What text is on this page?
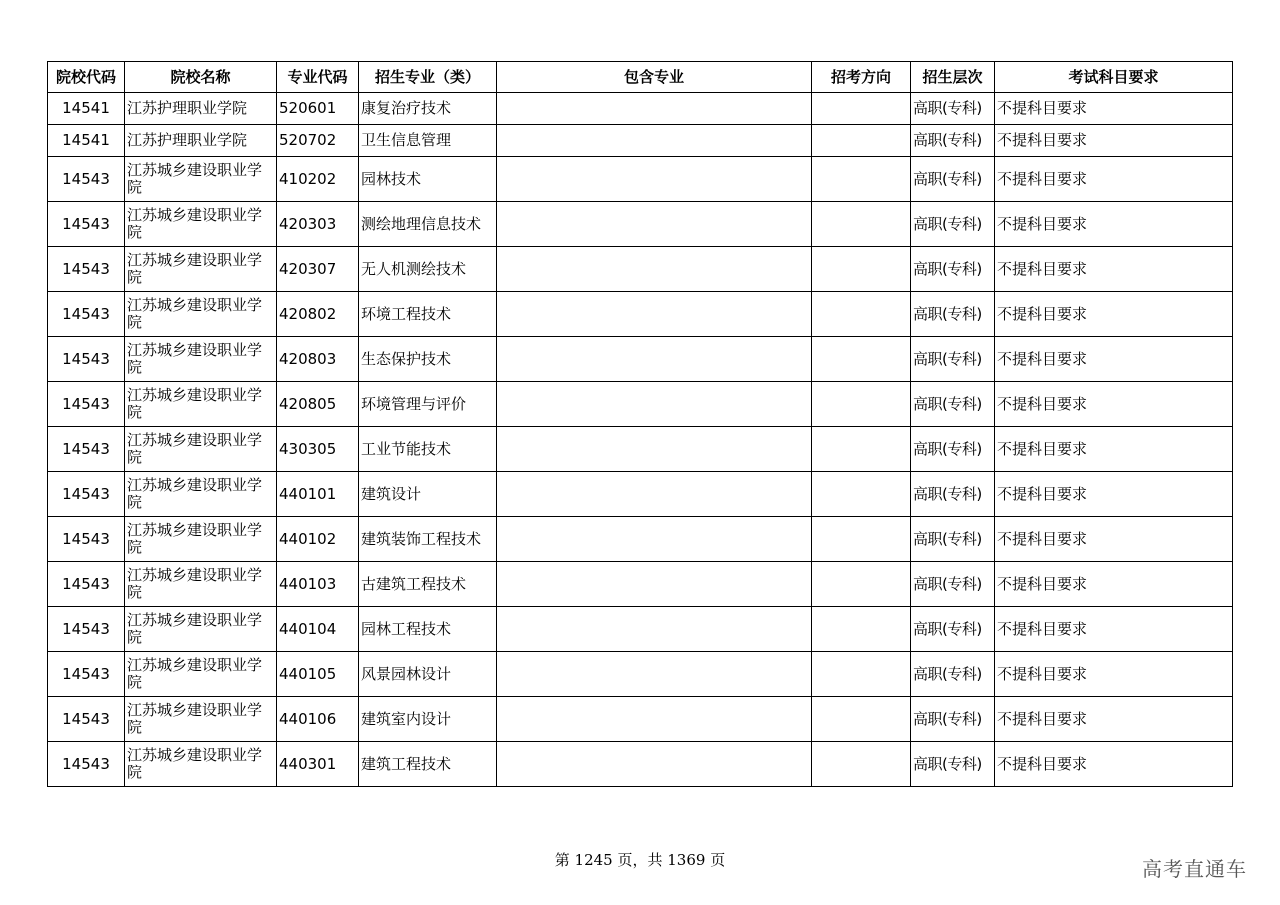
院校代码	院校名称	专业代码	招生专业（类）	包含专业	招考方向	招生层次	考试科目要求
14541	江苏护理职业学院	520601	康复治疗技术			高职(专科)	不提科目要求
14541	江苏护理职业学院	520702	卫生信息管理			高职(专科)	不提科目要求
14543	江苏城乡建设职业学院	410202	园林技术			高职(专科)	不提科目要求
14543	江苏城乡建设职业学院	420303	测绘地理信息技术			高职(专科)	不提科目要求
14543	江苏城乡建设职业学院	420307	无人机测绘技术			高职(专科)	不提科目要求
14543	江苏城乡建设职业学院	420802	环境工程技术			高职(专科)	不提科目要求
14543	江苏城乡建设职业学院	420803	生态保护技术			高职(专科)	不提科目要求
14543	江苏城乡建设职业学院	420805	环境管理与评价			高职(专科)	不提科目要求
14543	江苏城乡建设职业学院	430305	工业节能技术			高职(专科)	不提科目要求
14543	江苏城乡建设职业学院	440101	建筑设计			高职(专科)	不提科目要求
14543	江苏城乡建设职业学院	440102	建筑装饰工程技术			高职(专科)	不提科目要求
14543	江苏城乡建设职业学院	440103	古建筑工程技术			高职(专科)	不提科目要求
14543	江苏城乡建设职业学院	440104	园林工程技术			高职(专科)	不提科目要求
14543	江苏城乡建设职业学院	440105	风景园林设计			高职(专科)	不提科目要求
14543	江苏城乡建设职业学院	440106	建筑室内设计			高职(专科)	不提科目要求
14543	江苏城乡建设职业学院	440301	建筑工程技术			高职(专科)	不提科目要求
第 1245 页，共 1369 页	高考直通车
